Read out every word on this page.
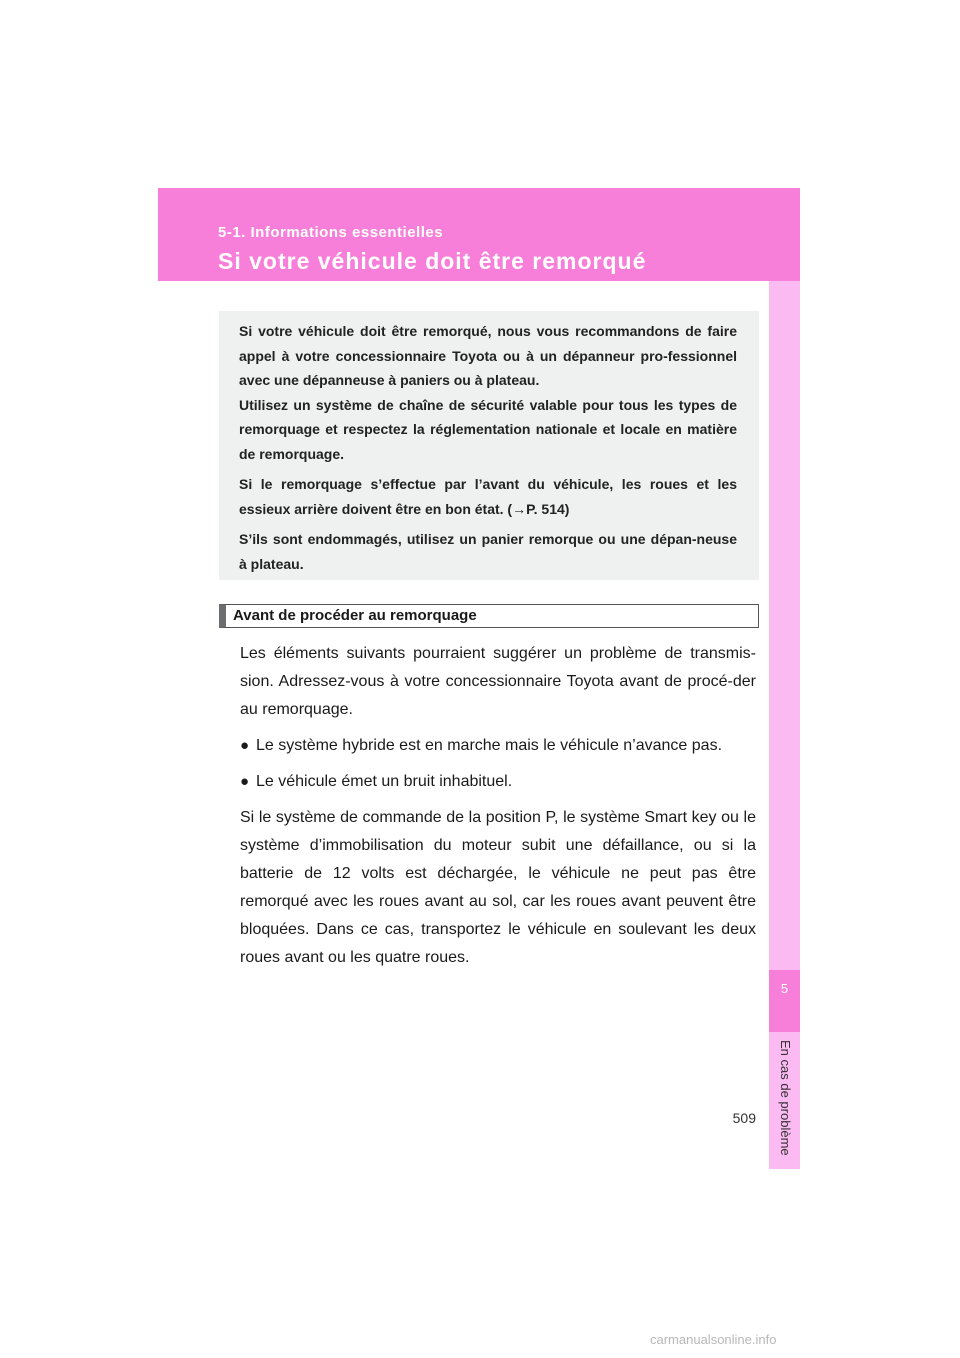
5-1. Informations essentielles
Si votre véhicule doit être remorqué
5
En cas de problème

Si votre véhicule doit être remorqué, nous vous recommandons de faire appel à votre concessionnaire Toyota ou à un dépanneur pro-fessionnel avec une dépanneuse à paniers ou à plateau.

Utilisez un système de chaîne de sécurité valable pour tous les types de remorquage et respectez la réglementation nationale et locale en matière de remorquage.

Si le remorquage s’effectue par l’avant du véhicule, les roues et les essieux arrière doivent être en bon état. (→P. 514)

S’ils sont endommagés, utilisez un panier remorque ou une dépan-neuse à plateau.

Avant de procéder au remorquage

Les éléments suivants pourraient suggérer un problème de transmis-sion. Adressez-vous à votre concessionnaire Toyota avant de procé-der au remorquage.

● Le système hybride est en marche mais le véhicule n’avance pas.

● Le véhicule émet un bruit inhabituel.

Si le système de commande de la position P, le système Smart key ou le système d’immobilisation du moteur subit une défaillance, ou si la batterie de 12 volts est déchargée, le véhicule ne peut pas être remorqué avec les roues avant au sol, car les roues avant peuvent être bloquées. Dans ce cas, transportez le véhicule en soulevant les deux roues avant ou les quatre roues.

509
carmanualsonline.info
